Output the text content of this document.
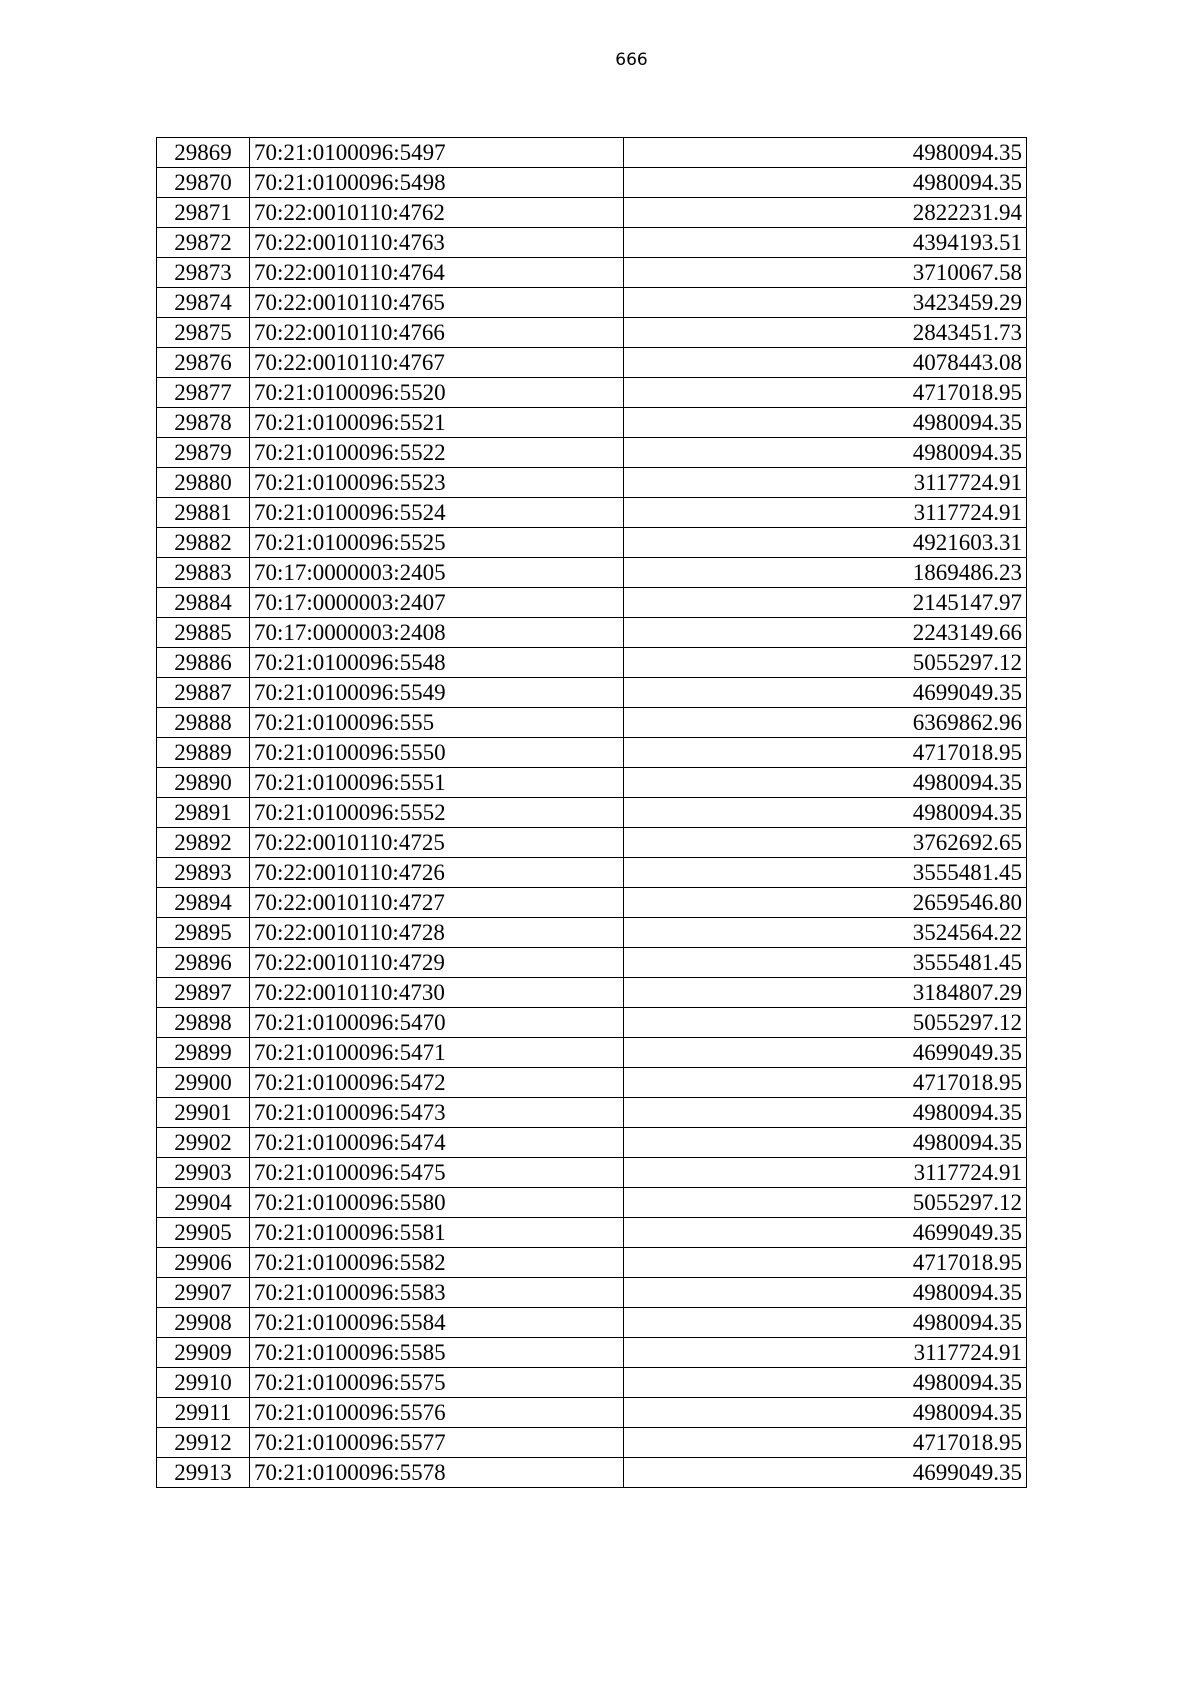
666
29869	70:21:0100096:5497	4980094.35
29870	70:21:0100096:5498	4980094.35
29871	70:22:0010110:4762	2822231.94
29872	70:22:0010110:4763	4394193.51
29873	70:22:0010110:4764	3710067.58
29874	70:22:0010110:4765	3423459.29
29875	70:22:0010110:4766	2843451.73
29876	70:22:0010110:4767	4078443.08
29877	70:21:0100096:5520	4717018.95
29878	70:21:0100096:5521	4980094.35
29879	70:21:0100096:5522	4980094.35
29880	70:21:0100096:5523	3117724.91
29881	70:21:0100096:5524	3117724.91
29882	70:21:0100096:5525	4921603.31
29883	70:17:0000003:2405	1869486.23
29884	70:17:0000003:2407	2145147.97
29885	70:17:0000003:2408	2243149.66
29886	70:21:0100096:5548	5055297.12
29887	70:21:0100096:5549	4699049.35
29888	70:21:0100096:555	6369862.96
29889	70:21:0100096:5550	4717018.95
29890	70:21:0100096:5551	4980094.35
29891	70:21:0100096:5552	4980094.35
29892	70:22:0010110:4725	3762692.65
29893	70:22:0010110:4726	3555481.45
29894	70:22:0010110:4727	2659546.80
29895	70:22:0010110:4728	3524564.22
29896	70:22:0010110:4729	3555481.45
29897	70:22:0010110:4730	3184807.29
29898	70:21:0100096:5470	5055297.12
29899	70:21:0100096:5471	4699049.35
29900	70:21:0100096:5472	4717018.95
29901	70:21:0100096:5473	4980094.35
29902	70:21:0100096:5474	4980094.35
29903	70:21:0100096:5475	3117724.91
29904	70:21:0100096:5580	5055297.12
29905	70:21:0100096:5581	4699049.35
29906	70:21:0100096:5582	4717018.95
29907	70:21:0100096:5583	4980094.35
29908	70:21:0100096:5584	4980094.35
29909	70:21:0100096:5585	3117724.91
29910	70:21:0100096:5575	4980094.35
29911	70:21:0100096:5576	4980094.35
29912	70:21:0100096:5577	4717018.95
29913	70:21:0100096:5578	4699049.35
